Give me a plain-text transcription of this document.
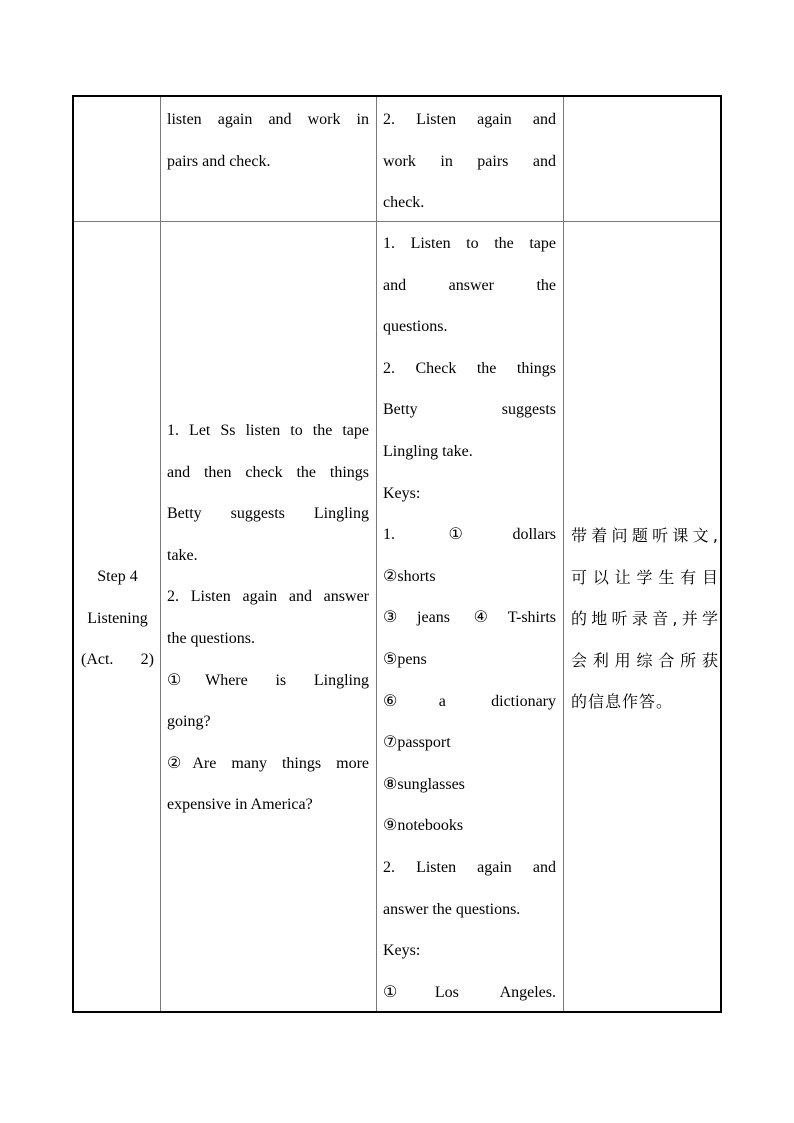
listen again and work in
pairs and check.
2. Listen again and
work in pairs and
check.
Step 4
Listening
(Act. 2)
1. Let Ss listen to the tape
and then check the things
Betty suggests Lingling
take.
2. Listen again and answer
the questions.
①Where is Lingling
going?
②Are many things more
expensive in America?
1. Listen to the tape
and answer the
questions.
2. Check the things
Betty suggests
Lingling take.
Keys:
1. ①dollars
②shorts
③jeans ④T-shirts
⑤pens
⑥a dictionary
⑦passport
⑧sunglasses
⑨notebooks
2. Listen again and
answer the questions.
Keys:
①Los Angeles.
带着问题听课文,
可以让学生有目
的地听录音,并学
会利用综合所获
的信息作答。
